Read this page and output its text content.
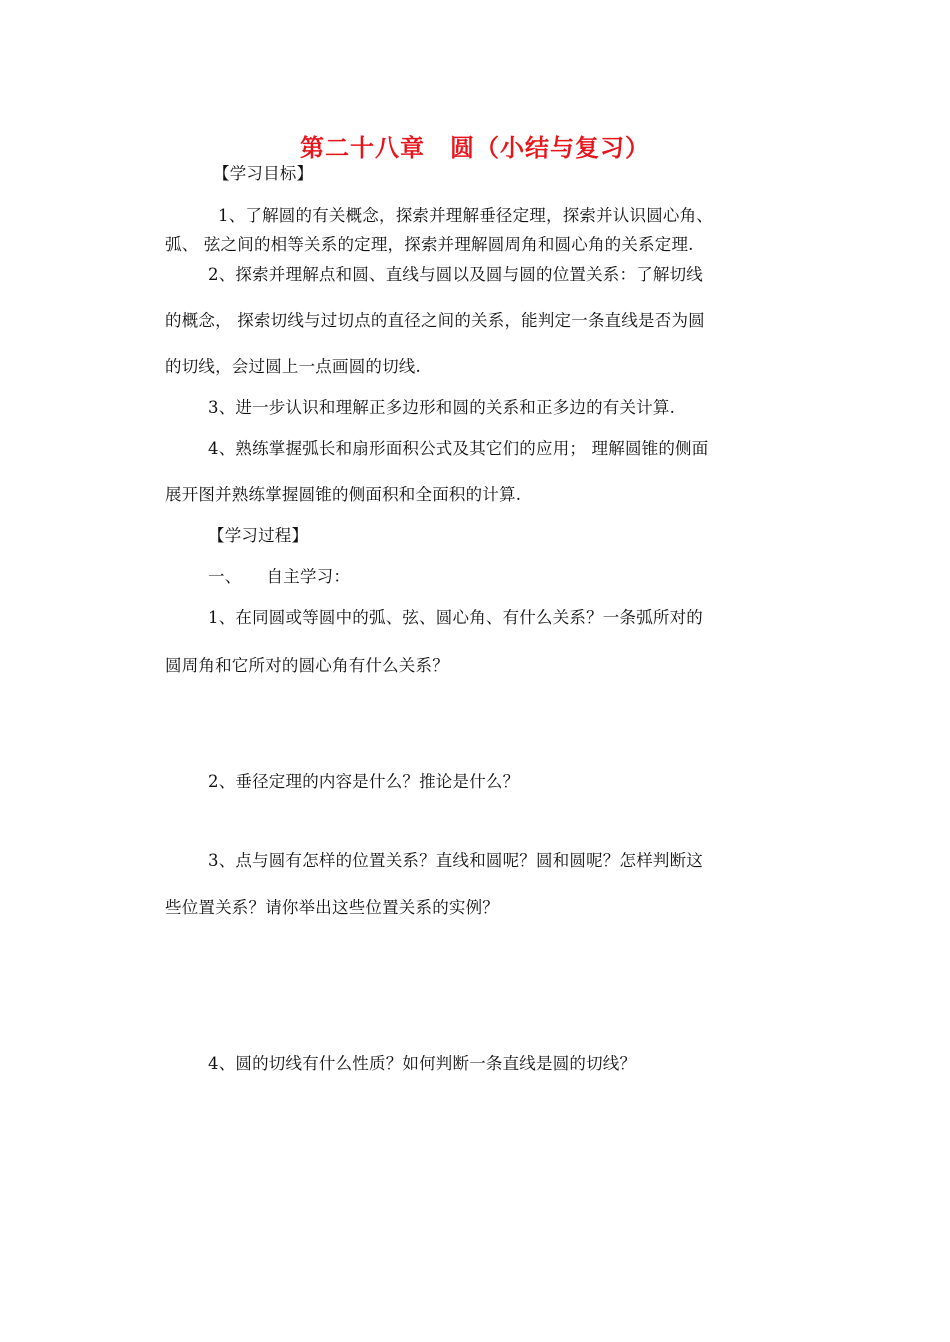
第二十八章　圆（小结与复习）
【学习目标】
1、了解圆的有关概念，探索并理解垂径定理，探索并认识圆心角、
弧、 弦之间的相等关系的定理，探索并理解圆周角和圆心角的关系定理.
2、探索并理解点和圆、直线与圆以及圆与圆的位置关系：了解切线
的概念， 探索切线与过切点的直径之间的关系，能判定一条直线是否为圆
的切线，会过圆上一点画圆的切线.
3、进一步认识和理解正多边形和圆的关系和正多边的有关计算.
4、熟练掌握弧长和扇形面积公式及其它们的应用； 理解圆锥的侧面
展开图并熟练掌握圆锥的侧面积和全面积的计算.
【学习过程】
一、　　自主学习：
1、在同圆或等圆中的弧、弦、圆心角、有什么关系？一条弧所对的
圆周角和它所对的圆心角有什么关系？
2、垂径定理的内容是什么？推论是什么？
3、点与圆有怎样的位置关系？直线和圆呢？圆和圆呢？怎样判断这
些位置关系？请你举出这些位置关系的实例？
4、圆的切线有什么性质？如何判断一条直线是圆的切线？
